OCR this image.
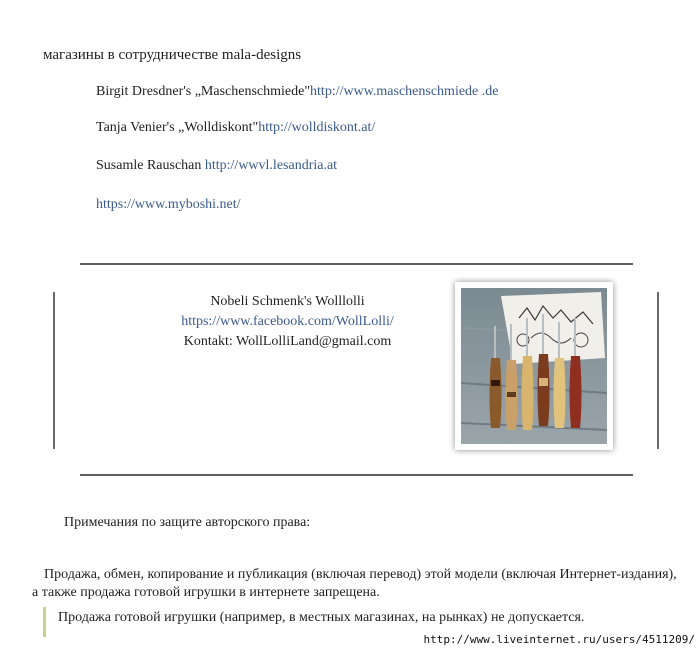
магазины в сотрудничестве mala-designs
Birgit Dresdner's „Maschenschmiede"http://www.maschenschmiede .de
Tanja Venier's „Wolldiskont"http://wolldiskont.at/
Susamle Rauschan http://wwvl.lesandria.at
https://www.myboshi.net/
Nobeli Schmenk's Wolllolli
https://www.facebook.com/WollLolli/
Kontakt: WollLolliLand@gmail.com
Примечания по защите авторского права:
Продажа, обмен, копирование и публикация (включая перевод) этой модели (включая Интернет-издания), а также продажа готовой игрушки в интернете запрещена.
Продажа готовой игрушки (например, в местных магазинах, на рынках) не допускается.
http://www.liveinternet.ru/users/4511209/
